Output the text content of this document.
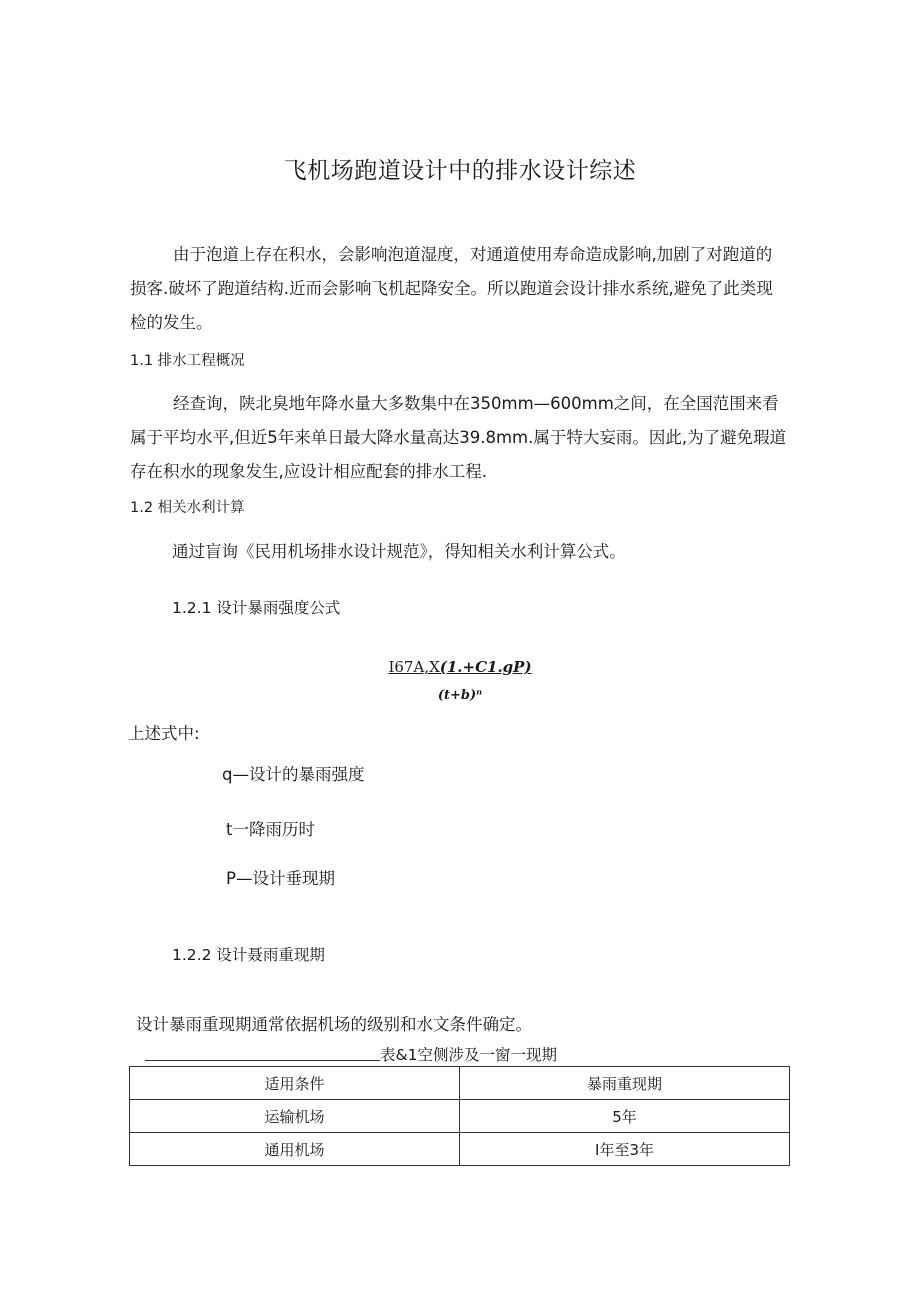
飞机场跑道设计中的排水设计综述
由于泡道上存在积水，会影响泡道湿度，对通道使用寿命造成影响,加剧了对跑道的
损客.破坏了跑道结构.近而会影响飞机起降安全。所以跑道会设计排水系统,避免了此类现
检的发生。
1.1 排水工程概况
经查询，陕北臭地年降水量大多数集中在350mm—600mm之间，在全国范围来看
属于平均水平,但近5年来单日最大降水量高达39.8mm.属于特大妄雨。因此,为了避免瑕道
存在积水的现象发生,应设计相应配套的排水工程.
1.2 相关水利计算
通过盲询《民用机场排水设计规范》，得知相关水利计算公式。
1.2.1 设计暴雨强度公式
I67A,X(1.+C1.gP)
(t+b)ⁿ
上述式中:
q—设计的暴雨强度
t一降雨历时
P—设计垂现期
1.2.2 设计聂雨重现期
设计暴雨重现期通常依据机场的级别和水文条件确定。
表&1空侧涉及一窗一现期
适用条件	暴雨重现期
运输机场	5年
通用机场	I年至3年
